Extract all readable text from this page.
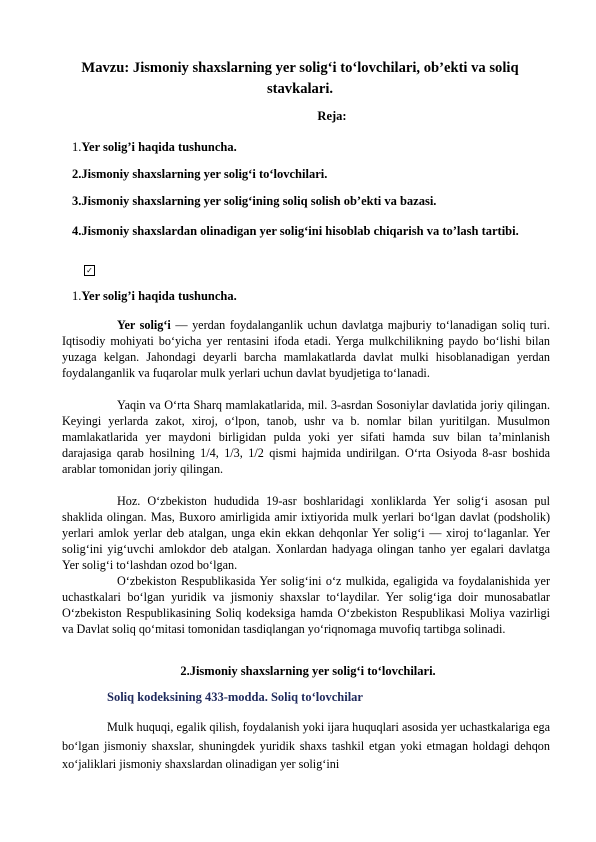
Mavzu: Jismoniy shaxslarning yer solig‘i to‘lovchilari, ob’ekti va soliq stavkalari.
Reja:
1.Yer solig’i haqida tushuncha.
2.Jismoniy shaxslarning yer solig‘i to‘lovchilari.
3.Jismoniy shaxslarning yer solig‘ining soliq solish ob’ekti va bazasi.
4.Jismoniy shaxslardan olinadigan yer solig‘ini hisoblab chiqarish va to’lash tartibi.
✓
1.Yer solig’i haqida tushuncha.

Yer solig‘i — yerdan foydalanganlik uchun davlatga majburiy to‘lanadigan soliq turi. Iqtisodiy mohiyati bo‘yicha yer rentasini ifoda etadi. Yerga mulkchilikning paydo bo‘lishi bilan yuzaga kelgan. Jahondagi deyarli barcha mamlakatlarda davlat mulki hisoblanadigan yerdan foydalanganlik va fuqarolar mulk yerlari uchun davlat byudjetiga to‘lanadi.

Yaqin va O‘rta Sharq mamlakatlarida, mil. 3-asrdan Sosoniylar davlatida joriy qilingan. Keyingi yerlarda zakot, xiroj, o‘lpon, tanob, ushr va b. nomlar bilan yuritilgan. Musulmon mamlakatlarida yer maydoni birligidan pulda yoki yer sifati hamda suv bilan ta’minlanish darajasiga qarab hosilning 1/4, 1/3, 1/2 qismi hajmida undirilgan. O‘rta Osiyoda 8-asr boshida arablar tomonidan joriy qilingan.

Hoz. O‘zbekiston hududida 19-asr boshlaridagi xonliklarda Yer solig‘i asosan pul shaklida olingan. Mas, Buxoro amirligida amir ixtiyorida mulk yerlari bo‘lgan davlat (podsholik) yerlari amlok yerlar deb atalgan, unga ekin ekkan dehqonlar Yer solig‘i — xiroj to‘laganlar. Yer solig‘ini yig‘uvchi amlokdor deb atalgan. Xonlardan hadyaga olingan tanho yer egalari davlatga Yer solig‘i to‘lashdan ozod bo‘lgan.

O‘zbekiston Respublikasida Yer solig‘ini o‘z mulkida, egaligida va foydalanishida yer uchastkalari bo‘lgan yuridik va jismoniy shaxslar to‘laydilar. Yer solig‘iga doir munosabatlar O‘zbekiston Respublikasining Soliq kodeksiga hamda O‘zbekiston Respublikasi Moliya vazirligi va Davlat soliq qo‘mitasi tomonidan tasdiqlangan yo‘riqnomaga muvofiq tartibga solinadi.

2.Jismoniy shaxslarning yer solig‘i to‘lovchilari.
Soliq kodeksining 433-modda. Soliq to‘lovchilar

Mulk huquqi, egalik qilish, foydalanish yoki ijara huquqlari asosida yer uchastkalariga ega bo‘lgan jismoniy shaxslar, shuningdek yuridik shaxs tashkil etgan yoki etmagan holdagi dehqon xo‘jaliklari jismoniy shaxslardan olinadigan yer solig‘ini
